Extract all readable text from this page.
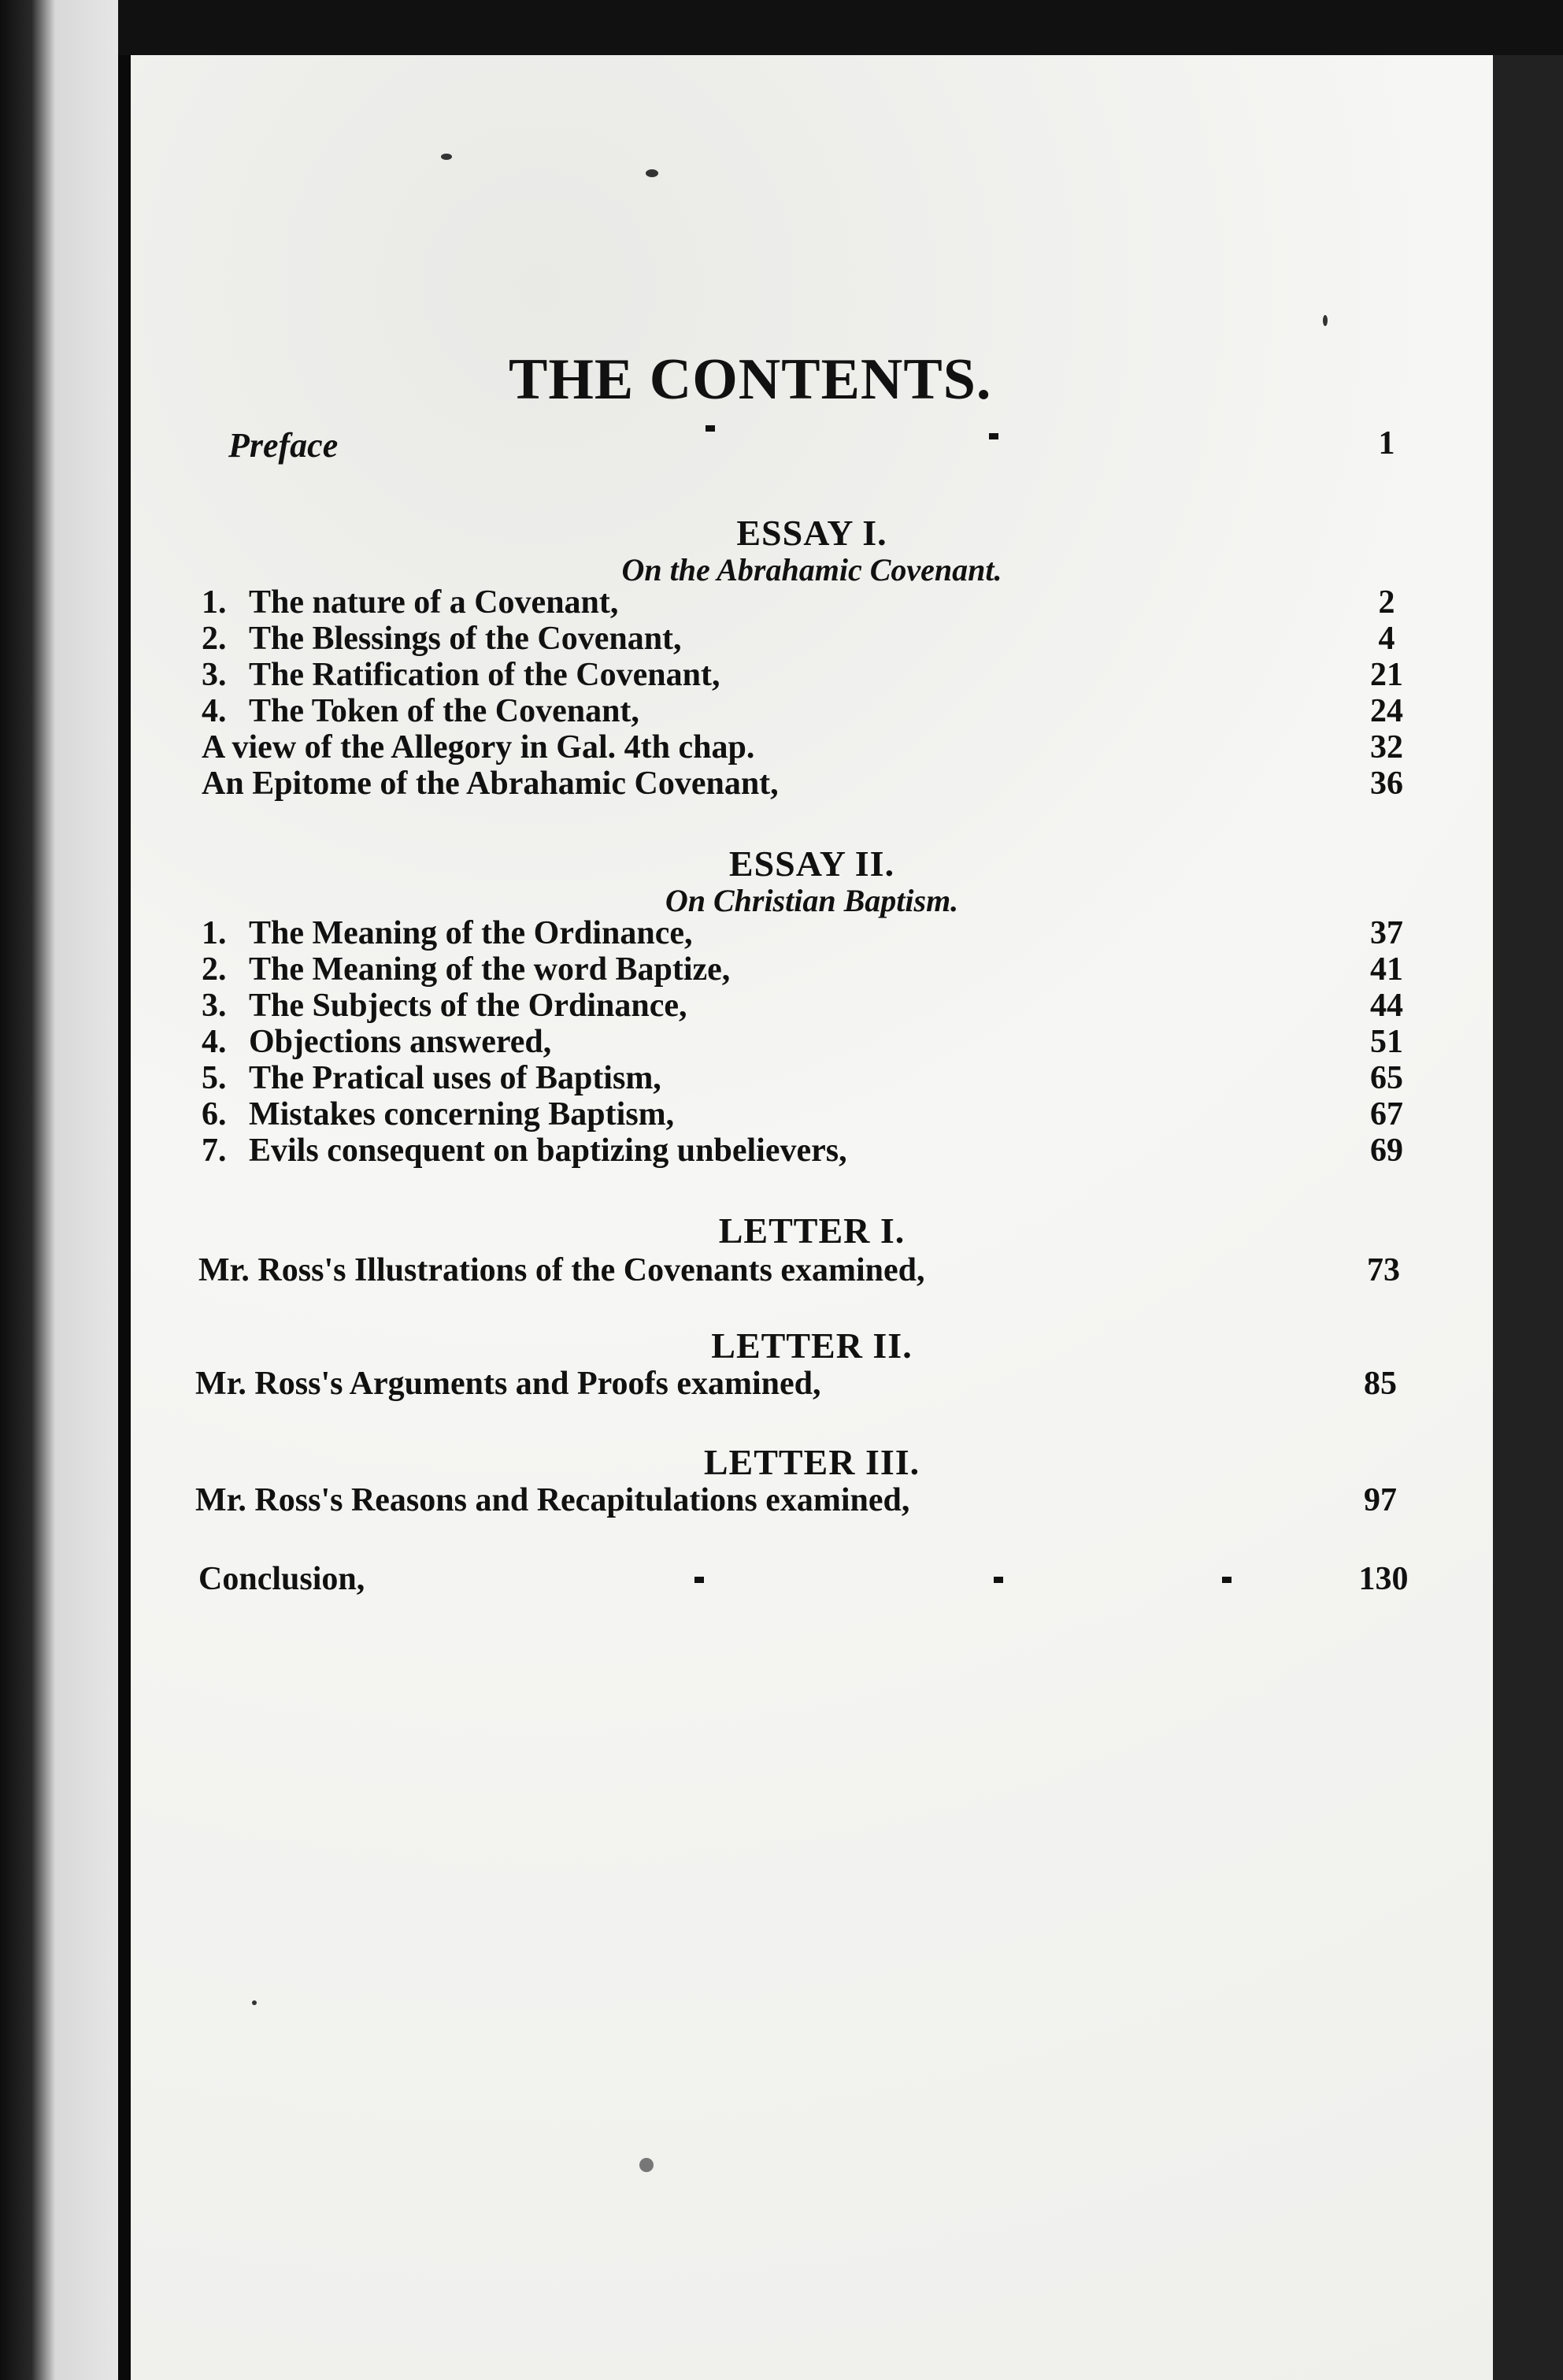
THE CONTENTS.
Preface	1
ESSAY I.
On the Abrahamic Covenant.
1. The nature of a Covenant,	2
2. The Blessings of the Covenant,	4
3. The Ratification of the Covenant,	21
4. The Token of the Covenant,	24
A view of the Allegory in Gal. 4th chap.	32
An Epitome of the Abrahamic Covenant,	36
ESSAY II.
On Christian Baptism.
1. The Meaning of the Ordinance,	37
2. The Meaning of the word Baptize,	41
3. The Subjects of the Ordinance,	44
4. Objections answered,	51
5. The Pratical uses of Baptism,	65
6. Mistakes concerning Baptism,	67
7. Evils consequent on baptizing unbelievers,	69
LETTER I.
Mr. Ross's Illustrations of the Covenants examined,	73
LETTER II.
Mr. Ross's Arguments and Proofs examined,	85
LETTER III.
Mr. Ross's Reasons and Recapitulations examined,	97
Conclusion,	130
